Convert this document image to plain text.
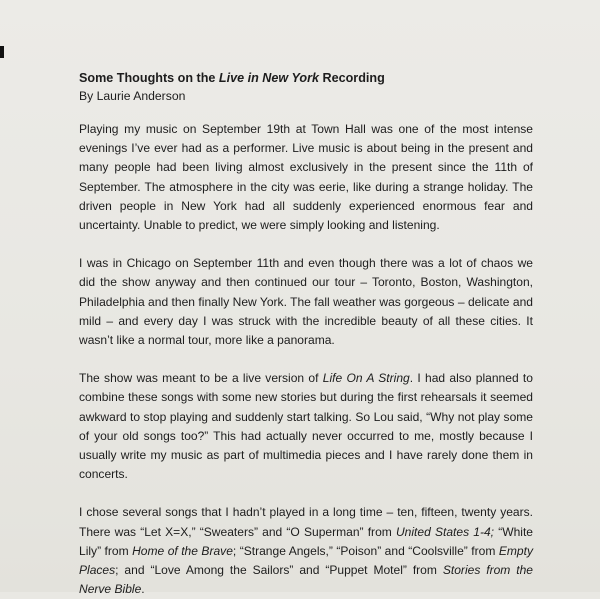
Some Thoughts on the Live in New York Recording

By Laurie Anderson

Playing my music on September 19th at Town Hall was one of the most intense evenings I’ve ever had as a performer. Live music is about being in the present and many people had been living almost exclusively in the present since the 11th of September. The atmosphere in the city was eerie, like during a strange holiday. The driven people in New York had all suddenly experienced enormous fear and uncertainty. Unable to predict, we were simply looking and listening.

I was in Chicago on September 11th and even though there was a lot of chaos we did the show anyway and then continued our tour – Toronto, Boston, Washington, Philadelphia and then finally New York. The fall weather was gorgeous – delicate and mild – and every day I was struck with the incredible beauty of all these cities. It wasn’t like a normal tour, more like a panorama.

The show was meant to be a live version of Life On A String. I had also planned to combine these songs with some new stories but during the first rehearsals it seemed awkward to stop playing and suddenly start talking. So Lou said, “Why not play some of your old songs too?” This had actually never occurred to me, mostly because I usually write my music as part of multimedia pieces and I have rarely done them in concerts.

I chose several songs that I hadn’t played in a long time – ten, fifteen, twenty years. There was “Let X=X,” “Sweaters” and “O Superman” from United States 1-4; “White Lily” from Home of the Brave; “Strange Angels,” “Poison” and “Coolsville” from Empty Places; and “Love Among the Sailors” and “Puppet Motel” from Stories from the Nerve Bible.
